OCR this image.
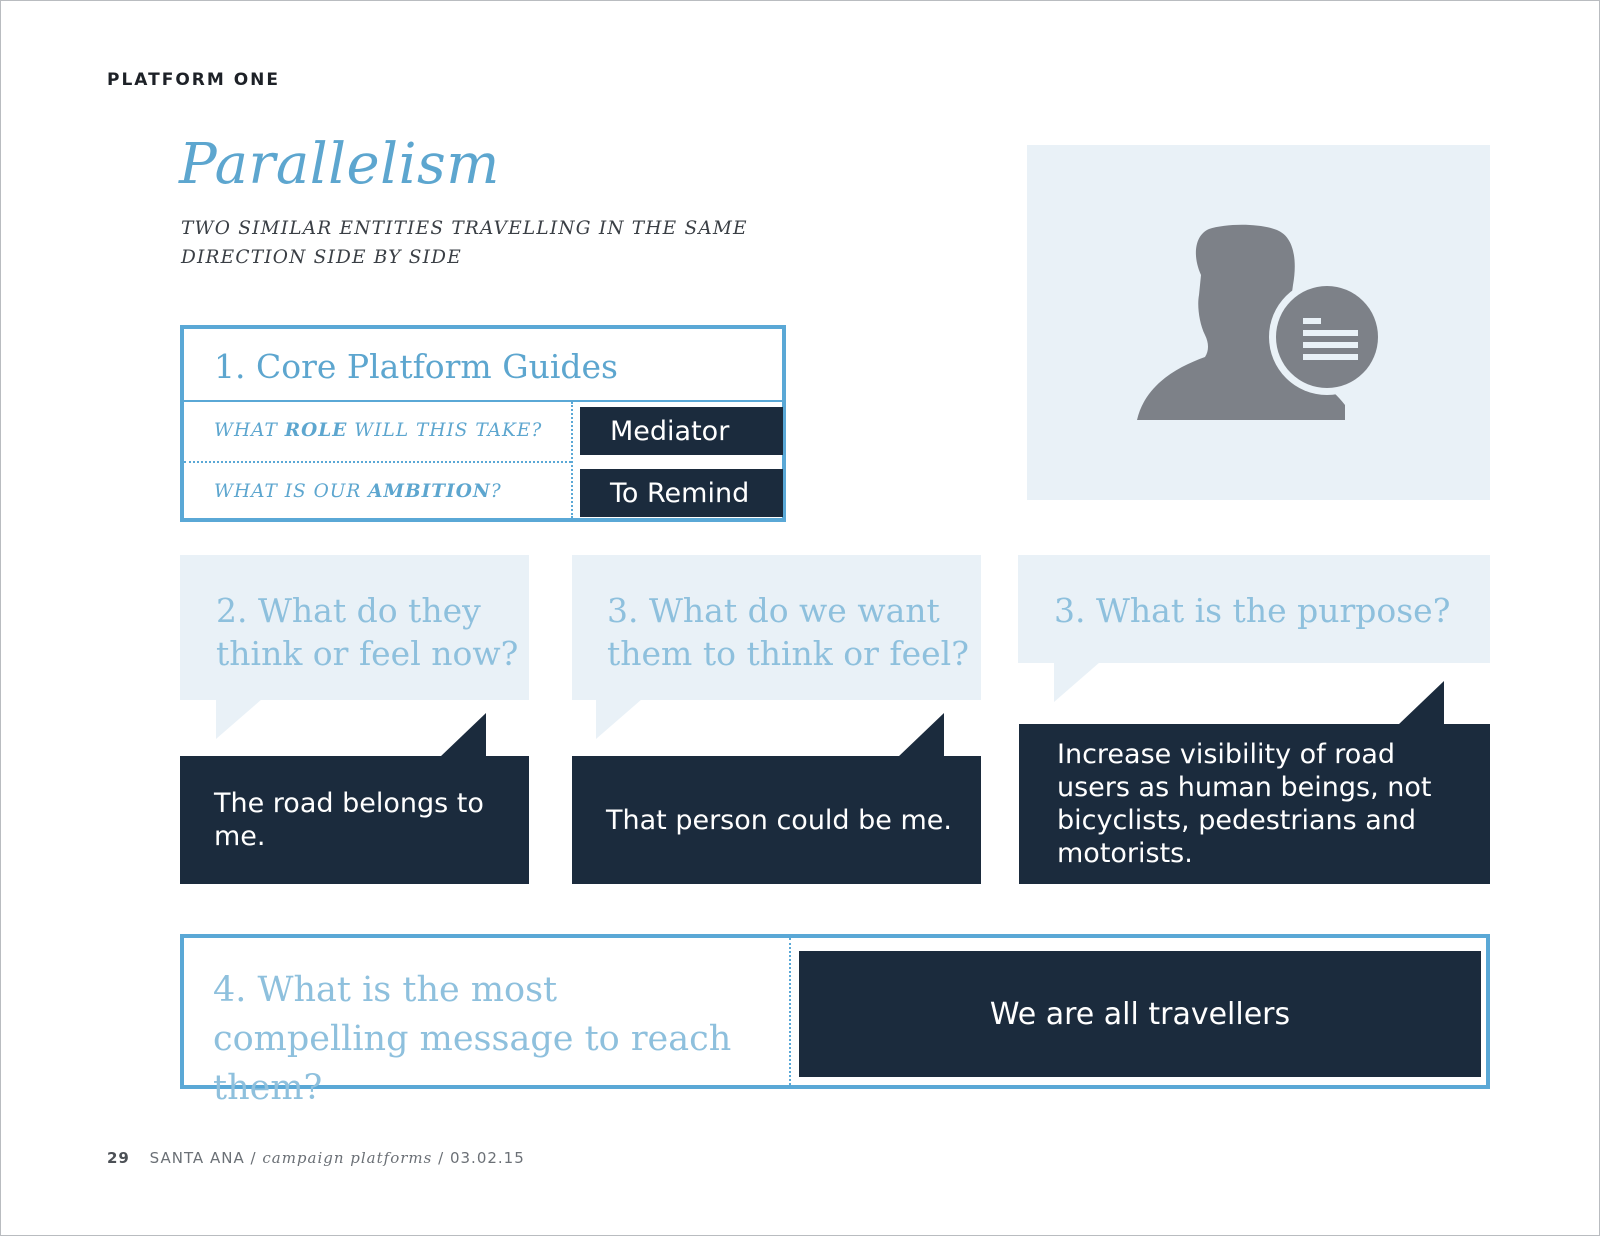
PLATFORM ONE
Parallelism
TWO SIMILAR ENTITIES TRAVELLING IN THE SAME DIRECTION SIDE BY SIDE
1. Core Platform Guides
WHAT ROLE WILL THIS TAKE?
WHAT IS OUR AMBITION?
Mediator
To Remind
2. What do they think or feel now?
3. What do we want them to think or feel?
3. What is the purpose?
The road belongs to me.
That person could be me.
Increase visibility of road users as human beings, not bicyclists, pedestrians and motorists.
4. What is the most compelling message to reach them?
We are all travellers
29 SANTA ANA / campaign platforms / 03.02.15
